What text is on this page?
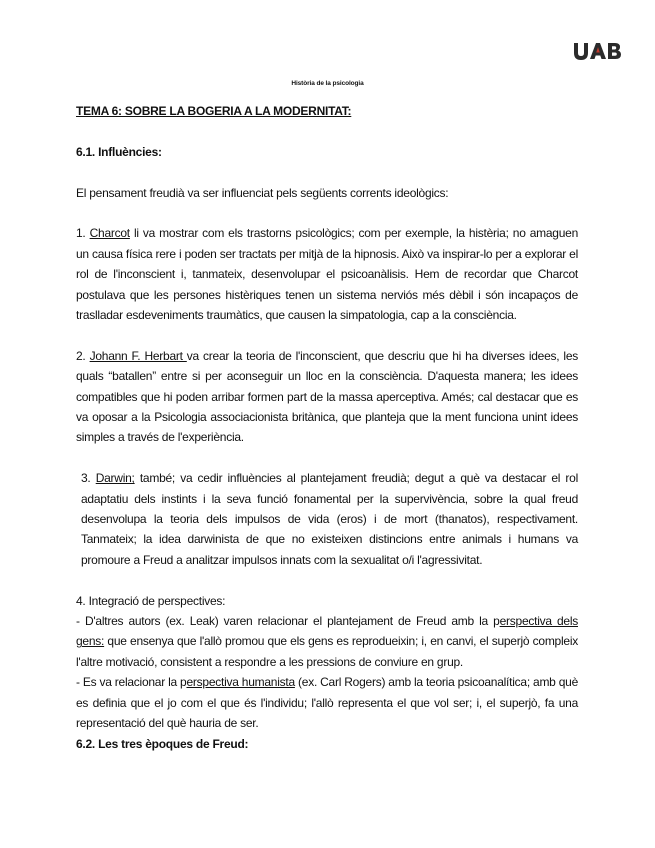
Història de la psicologia

TEMA 6: SOBRE LA BOGERIA A LA MODERNITAT:

6.1. Influències:

El pensament freudià va ser influenciat pels següents corrents ideològics:

1. Charcot li va mostrar com els trastorns psicològics; com per exemple, la histèria; no amaguen un causa física rere i poden ser tractats per mitjà de la hipnosis. Això va inspirar-lo per a explorar el rol de l'inconscient i, tanmateix, desenvolupar el psicoanàlisis. Hem de recordar que Charcot postulava que les persones histèriques tenen un sistema nerviós més dèbil i són incapaços de traslladar esdeveniments traumàtics, que causen la simpatologia, cap a la consciència.

2. Johann F. Herbart va crear la teoria de l'inconscient, que descriu que hi ha diverses idees, les quals “batallen” entre si per aconseguir un lloc en la consciència. D'aquesta manera; les idees compatibles que hi poden arribar formen part de la massa aperceptiva. Amés; cal destacar que es va oposar a la Psicologia associacionista britànica, que planteja que la ment funciona unint idees simples a través de l'experiència.

3. Darwin; també; va cedir influències al plantejament freudià; degut a què va destacar el rol adaptatiu dels instints i la seva funció fonamental per la supervivència, sobre la qual freud desenvolupa la teoria dels impulsos de vida (eros) i de mort (thanatos), respectivament. Tanmateix; la idea darwinista de que no existeixen distincions entre animals i humans va promoure a Freud a analitzar impulsos innats com la sexualitat o/i l'agressivitat.

4. Integració de perspectives:

- D'altres autors (ex. Leak) varen relacionar el plantejament de Freud amb la perspectiva dels gens: que ensenya que l'allò promou que els gens es reprodueixin; i, en canvi, el superjò compleix l'altre motivació, consistent a respondre a les pressions de conviure en grup.

- Es va relacionar la perspectiva humanista (ex. Carl Rogers) amb la teoria psicoanalítica; amb què es definia que el jo com el que és l'individu; l'allò representa el que vol ser; i, el superjò, fa una representació del què hauria de ser.

6.2. Les tres èpoques de Freud:
